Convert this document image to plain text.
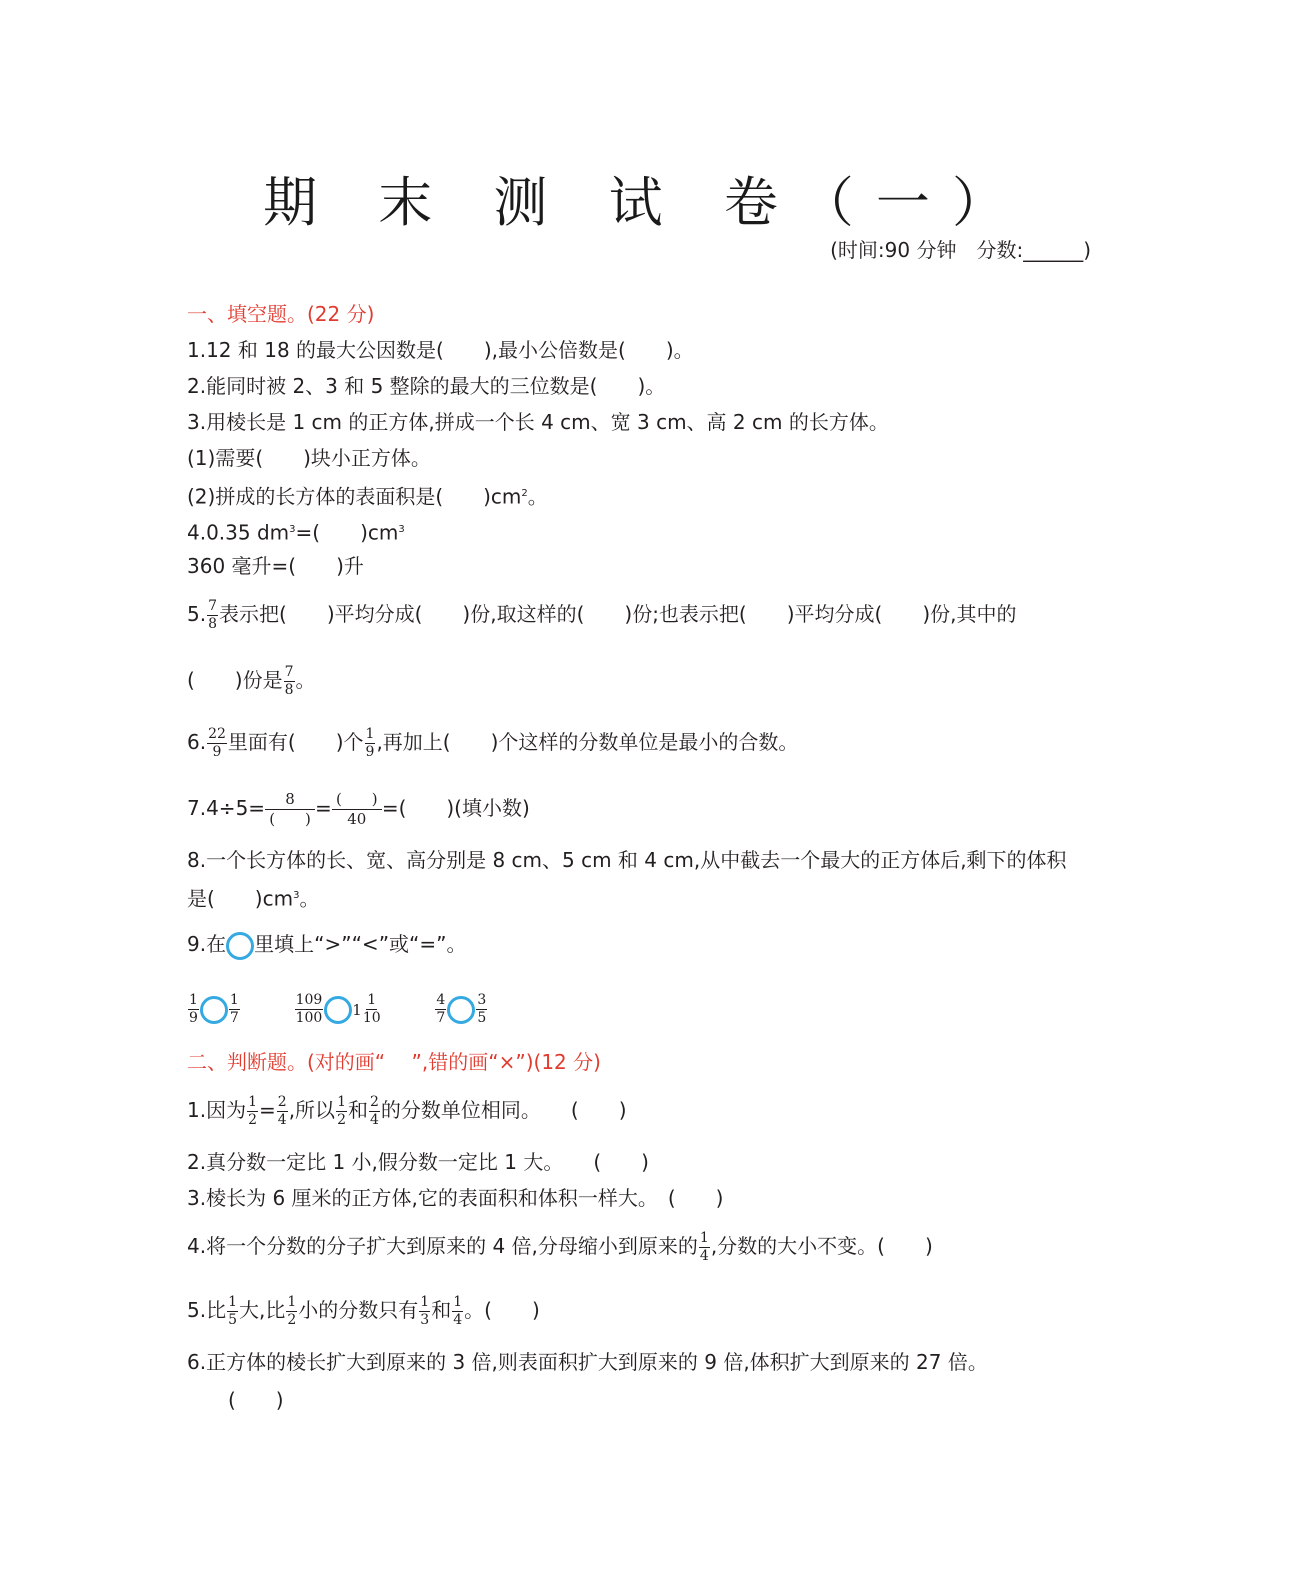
期 末 测 试 卷（一）
(时间:90 分钟　分数:______)
一、填空题。(22 分)
1.12 和 18 的最大公因数是(　　),最小公倍数是(　　)。
2.能同时被 2、3 和 5 整除的最大的三位数是(　　)。
3.用棱长是 1 cm 的正方体,拼成一个长 4 cm、宽 3 cm、高 2 cm 的长方体。
(1)需要(　　)块小正方体。
(2)拼成的长方体的表面积是(　　)$cm^2$。
4.0.35 $dm^3=$(　　)$cm^3$
360 毫升=(　　)升
5. $\frac{7}{8}$ 表示把(　　)平均分成(　　)份,取这样的(　　)份;也表示把(　　)平均分成(　　)份,其中的
(　　)份是 $\frac{7}{8}$ 。
6. $\frac{22}{9}$ 里面有(　　)个 $\frac{1}{9}$ ,再加上(　　)个这样的分数单位是最小的合数。
$7.4\div 5= \frac{8}{( )} = \frac{( )}{40}$ =(　　)(填小数)
8.一个长方体的长、宽、高分别是 8 cm、5 cm 和 4 cm,从中截去一个最大的正方体后,剩下的体积
是(　　)$cm^3$。
9.在 里填上“>”“<”或“=”。
$\frac{1}{9} \frac{1}{7}$
	$\frac{109}{100} 1 \frac{1}{10}$
	$\frac{4}{7} \frac{3}{5}$
二、判断题。(对的画“　 ”,错的画“×”)(12 分)
1.因为 $\frac{1}{2} = \frac{2}{4}$ ,所以 $\frac{1}{2}$ 和 $\frac{2}{4}$ 的分数单位相同。　　(　　)
2.真分数一定比 1 小,假分数一定比 1 大。　　(　　)
3.棱长为 6 厘米的正方体,它的表面积和体积一样大。　(　　)
4.将一个分数的分子扩大到原来的 4 倍,分母缩小到原来的 $\frac{1}{4}$ ,分数的大小不变。(　　)
5.比 $\frac{1}{5}$ 大,比 $\frac{1}{2}$ 小的分数只有 $\frac{1}{3}$ 和 $\frac{1}{4}$ 。(　　)
6.正方体的棱长扩大到原来的 3 倍,则表面积扩大到原来的 9 倍,体积扩大到原来的 27 倍。
(　　)
